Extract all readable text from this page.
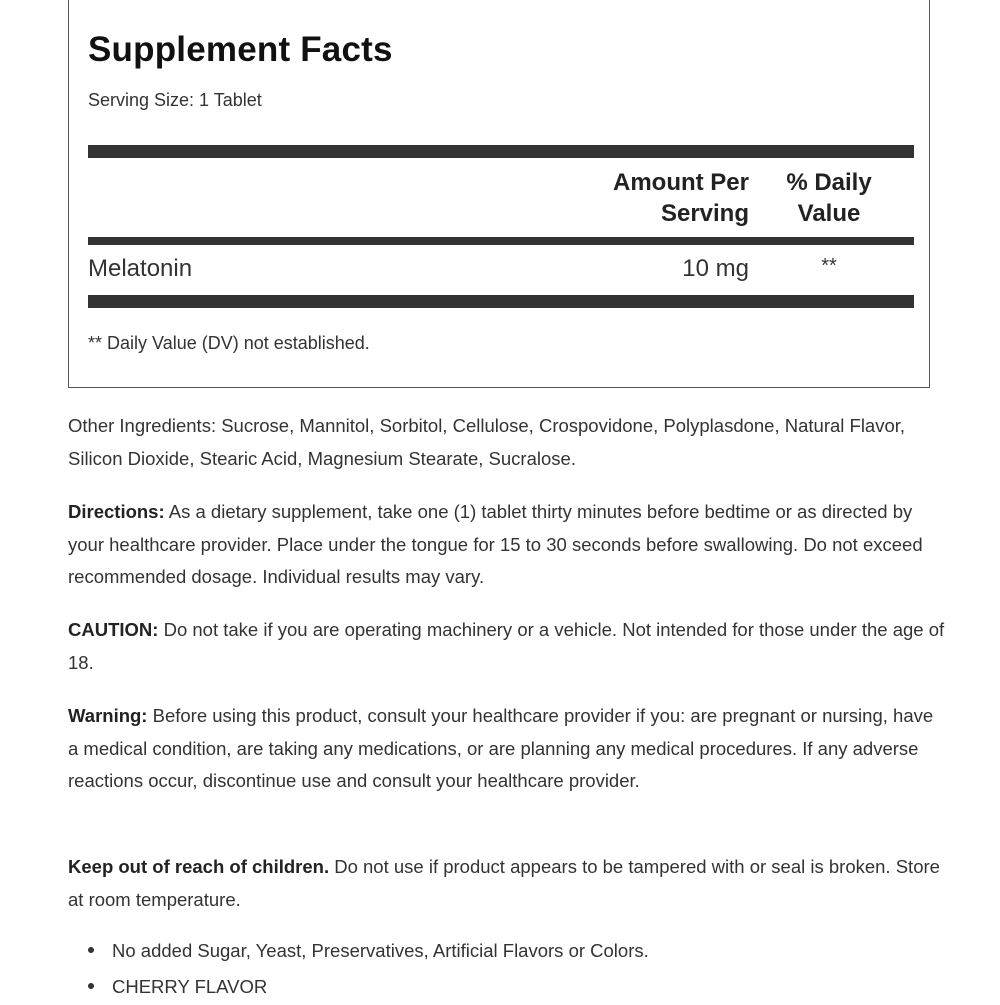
Supplement Facts
Serving Size: 1 Tablet
Amount Per
Serving
% Daily
Value
Melatonin	10 mg	**
** Daily Value (DV) not established.
Other Ingredients: Sucrose, Mannitol, Sorbitol, Cellulose, Crospovidone, Polyplasdone, Natural Flavor, Silicon Dioxide, Stearic Acid, Magnesium Stearate, Sucralose.
Directions: As a dietary supplement, take one (1) tablet thirty minutes before bedtime or as directed by your healthcare provider. Place under the tongue for 15 to 30 seconds before swallowing. Do not exceed recommended dosage. Individual results may vary.
CAUTION: Do not take if you are operating machinery or a vehicle. Not intended for those under the age of 18.
Warning: Before using this product, consult your healthcare provider if you: are pregnant or nursing, have a medical condition, are taking any medications, or are planning any medical procedures. If any adverse reactions occur, discontinue use and consult your healthcare provider.
Keep out of reach of children. Do not use if product appears to be tampered with or seal is broken. Store at room temperature.
No added Sugar, Yeast, Preservatives, Artificial Flavors or Colors.
CHERRY FLAVOR
